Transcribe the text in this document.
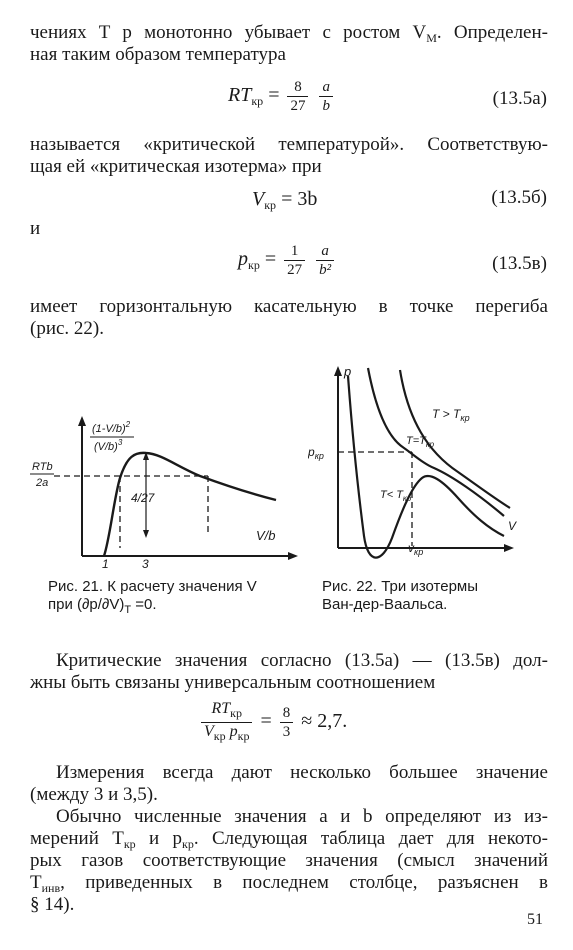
чениях T p монотонно убывает с ростом $V_M$. Определен-
ная таким образом температура
$RT_{кр} = \frac{8}{27}$
$\frac{a}{b}$	(13.5а)
называется «критической температурой». Соответствую-
щая ей «критическая изотерма» при
$V_{кр} = 3b$	(13.5б)
и
$p_{кр} = \frac{1}{27}$
$\frac{a}{\text{b²}}$	(13.5в)
имеет горизонтальную касательную в точке перегиба
(рис. 22).
$(1-V/b)^2$
$(V/b)^3$
RTb
2a
4/27
V/b
1	3
Рис. 21. К расчету значения V
при $(\partial p/\partial V)_T =0$.
p
$p_{кр}$
V
$v_{кр}$
$T > T_{кр}$
$T=T_{кр}$
$T< T_{кр}$
Рис. 22. Три изотермы
Ван-дер-Ваальса.
Критические значения согласно (13.5а) — (13.5в) дол-
жны быть связаны универсальным соотношением
$\frac{RT_{кр}}{V_{кр} p_{кр}} = \frac{8}{3} \approx 2,7$.
Измерения всегда дают несколько большее значение
(между 3 и 3,5).
Обычно численные значения a и b определяют из из-
мерений $T_{кр}$ и $p_{кр}$. Следующая таблица дает для некото-
рых газов соответствующие значения (смысл значений
$T_{инв}$, приведенных в последнем столбце, разъяснен в
§ 14).
51
